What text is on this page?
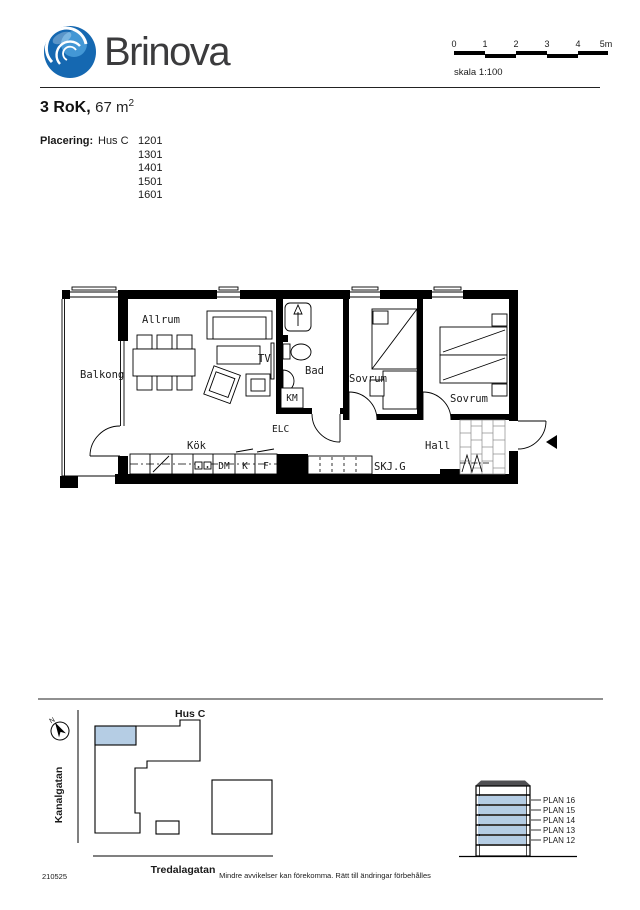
Brinova	0	1	2	3	4 5m
skala 1:100
3 RoK, 67 $m^2$
Placering: Hus C 1201
1301
1401
1501
1601
Balkong
Allrum
TV
Kök
Bad
KM
ELC
Sovrum
Sovrum
Hall
SKJ.G
DM K F
N
Kanalgatan
Tredalagatan
Hus C
PLAN 16
PLAN 15
PLAN 14
PLAN 13
PLAN 12
210525	Mindre avvikelser kan förekomma. Rätt till ändringar förbehålles
